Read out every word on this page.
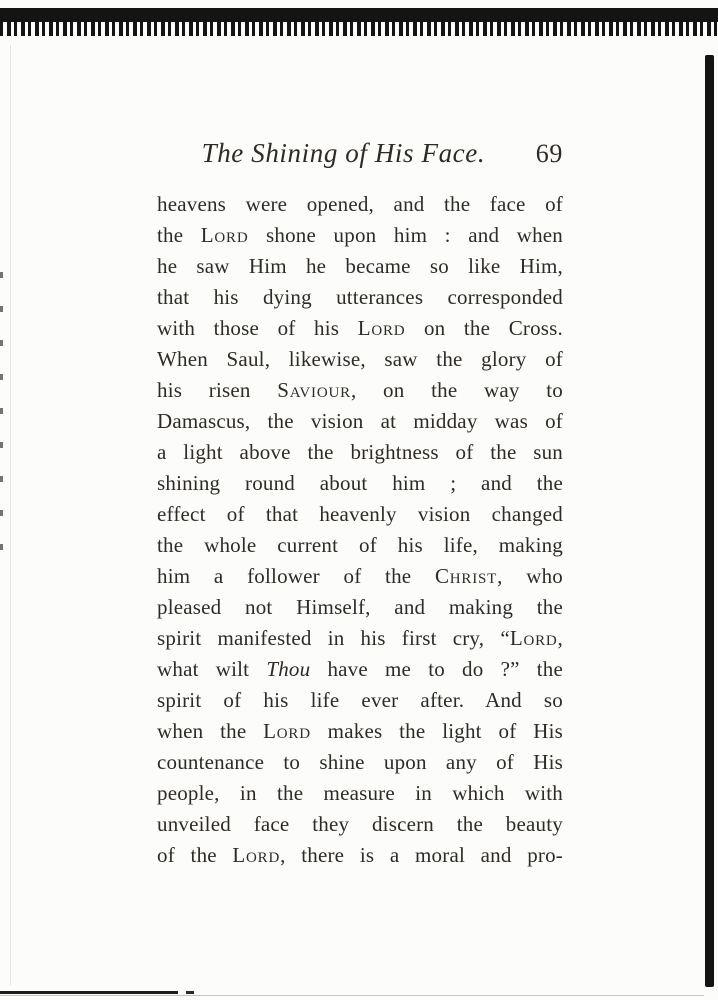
The Shining of His Face.	69
heavens were opened, and the face of
the Lord shone upon him : and when
he saw Him he became so like Him,
that his dying utterances corresponded
with those of his Lord on the Cross.
When Saul, likewise, saw the glory of
his risen Saviour, on the way to
Damascus, the vision at midday was of
a light above the brightness of the sun
shining round about him ; and the
effect of that heavenly vision changed
the whole current of his life, making
him a follower of the Christ, who
pleased not Himself, and making the
spirit manifested in his first cry, “Lord,
what wilt Thou have me to do ?” the
spirit of his life ever after. And so
when the Lord makes the light of His
countenance to shine upon any of His
people, in the measure in which with
unveiled face they discern the beauty
of the Lord, there is a moral and pro-
